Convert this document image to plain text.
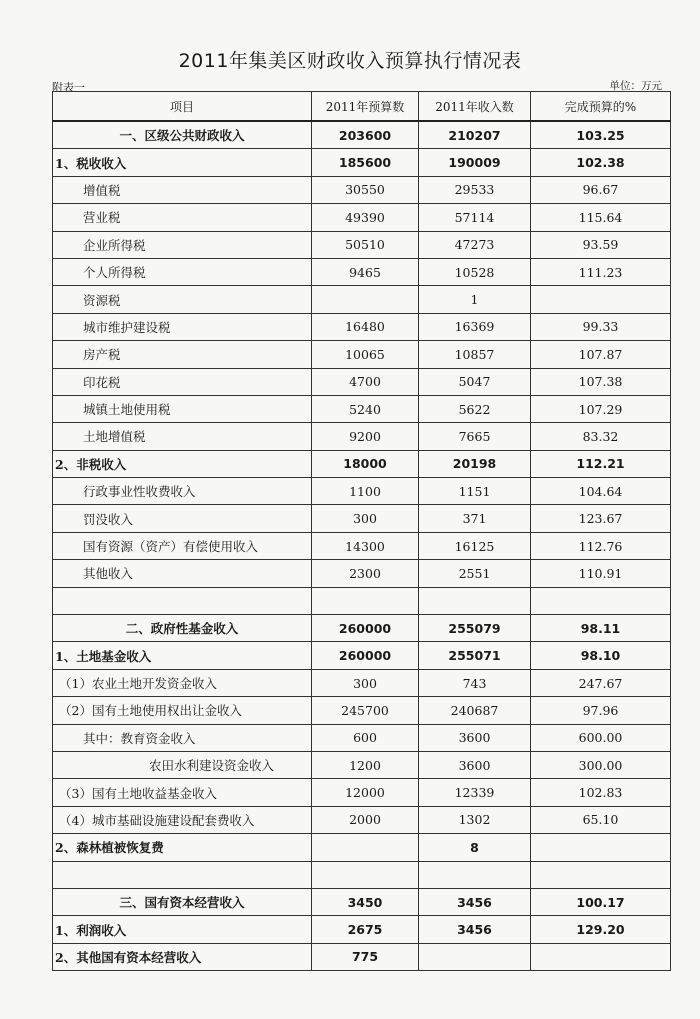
2011年集美区财政收入预算执行情况表
附表一	单位：万元
项目	2011年预算数	2011年收入数	完成预算的%
一、区级公共财政收入	203600	210207	103.25
1、税收收入	185600	190009	102.38
增值税	30550	29533	96.67
营业税	49390	57114	115.64
企业所得税	50510	47273	93.59
个人所得税	9465	10528	111.23
资源税		1	
城市维护建设税	16480	16369	99.33
房产税	10065	10857	107.87
印花税	4700	5047	107.38
城镇土地使用税	5240	5622	107.29
土地增值税	9200	7665	83.32
2、非税收入	18000	20198	112.21
行政事业性收费收入	1100	1151	104.64
罚没收入	300	371	123.67
国有资源（资产）有偿使用收入	14300	16125	112.76
其他收入	2300	2551	110.91

二、政府性基金收入	260000	255079	98.11
1、土地基金收入	260000	255071	98.10
（1）农业土地开发资金收入	300	743	247.67
（2）国有土地使用权出让金收入	245700	240687	97.96
其中：教育资金收入	600	3600	600.00
农田水利建设资金收入	1200	3600	300.00
（3）国有土地收益基金收入	12000	12339	102.83
（4）城市基础设施建设配套费收入	2000	1302	65.10
2、森林植被恢复费		8	

三、国有资本经营收入	3450	3456	100.17
1、利润收入	2675	3456	129.20
2、其他国有资本经营收入	775		
